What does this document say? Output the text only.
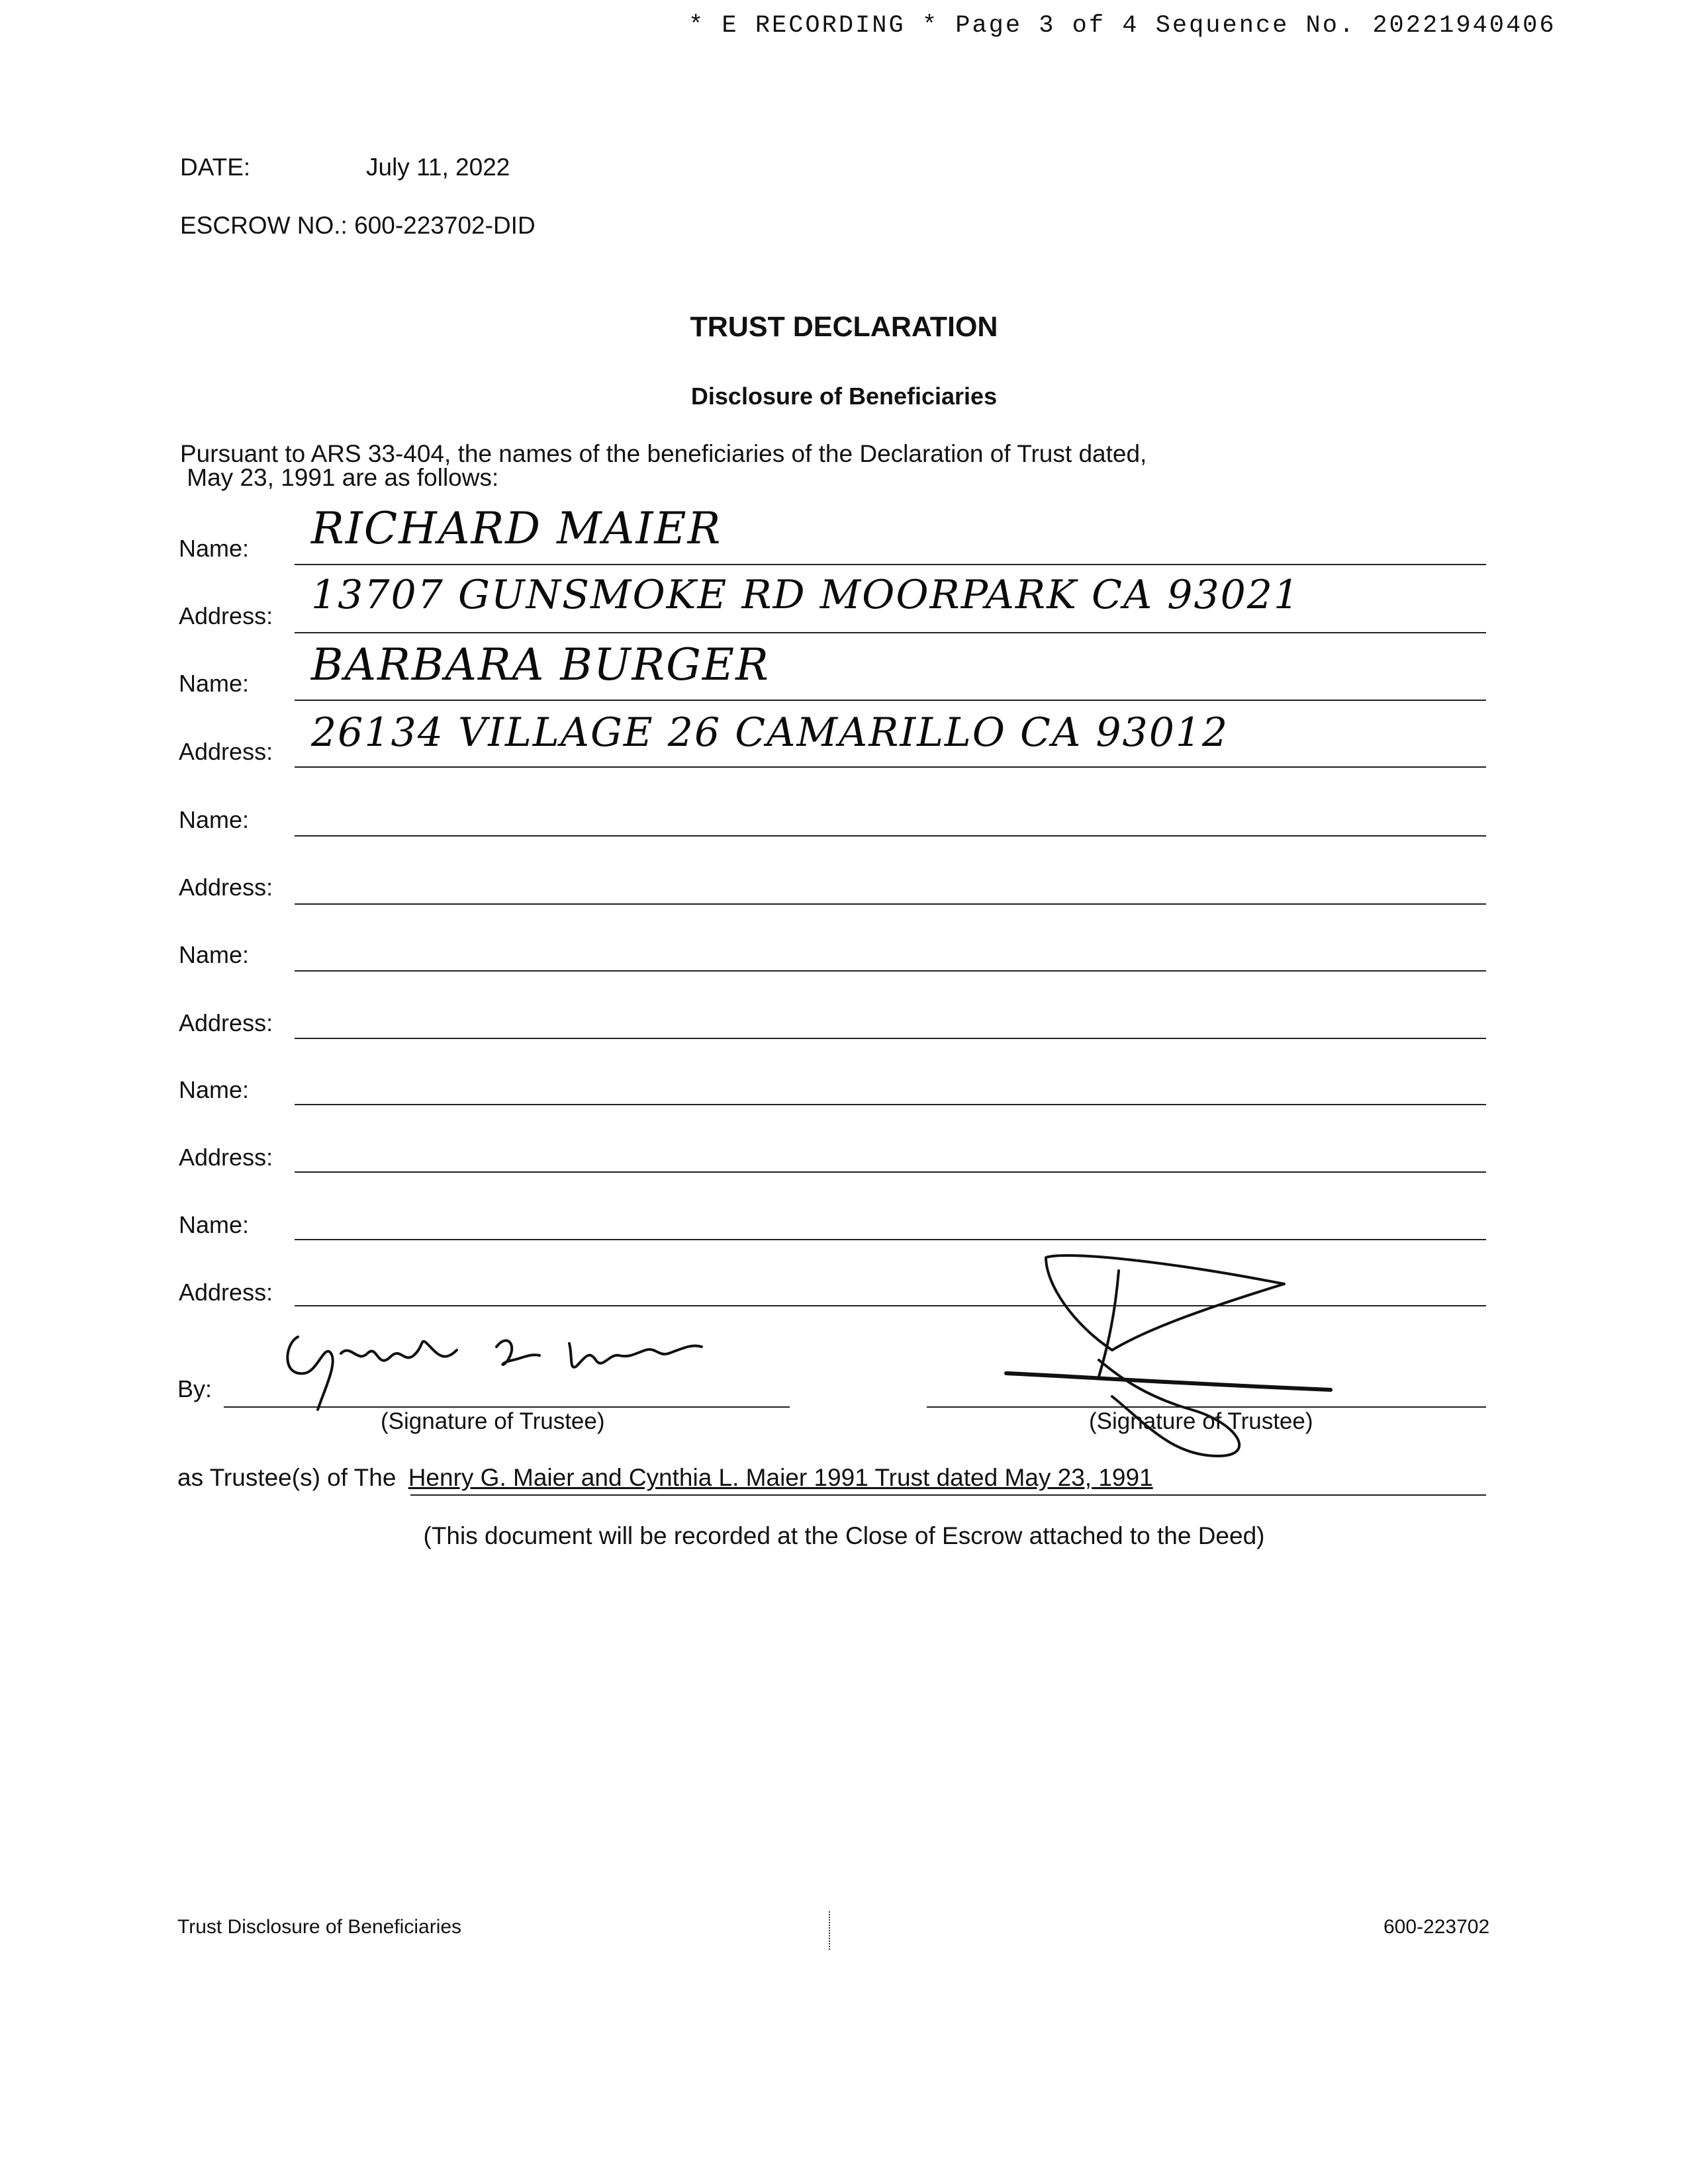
* E RECORDING * Page 3 of 4 Sequence No. 20221940406
DATE:	July 11, 2022
ESCROW NO.: 600-223702-DID
TRUST DECLARATION
Disclosure of Beneficiaries
Pursuant to ARS 33-404, the names of the beneficiaries of the Declaration of Trust dated,
May 23, 1991 are as follows:
Name: RICHARD MAIER
Address: 13707 GUNSMOKE RD MOORPARK CA 93021
Name: BARBARA BURGER
Address: 26134 VILLAGE 26 CAMARILLO CA 93012
Name:
Address:
Name:
Address:
Name:
Address:
Name:
Address:
By:
(Signature of Trustee)	(Signature of Trustee)
as Trustee(s) of The Henry G. Maier and Cynthia L. Maier 1991 Trust dated May 23, 1991
(This document will be recorded at the Close of Escrow attached to the Deed)
Trust Disclosure of Beneficiaries	600-223702
